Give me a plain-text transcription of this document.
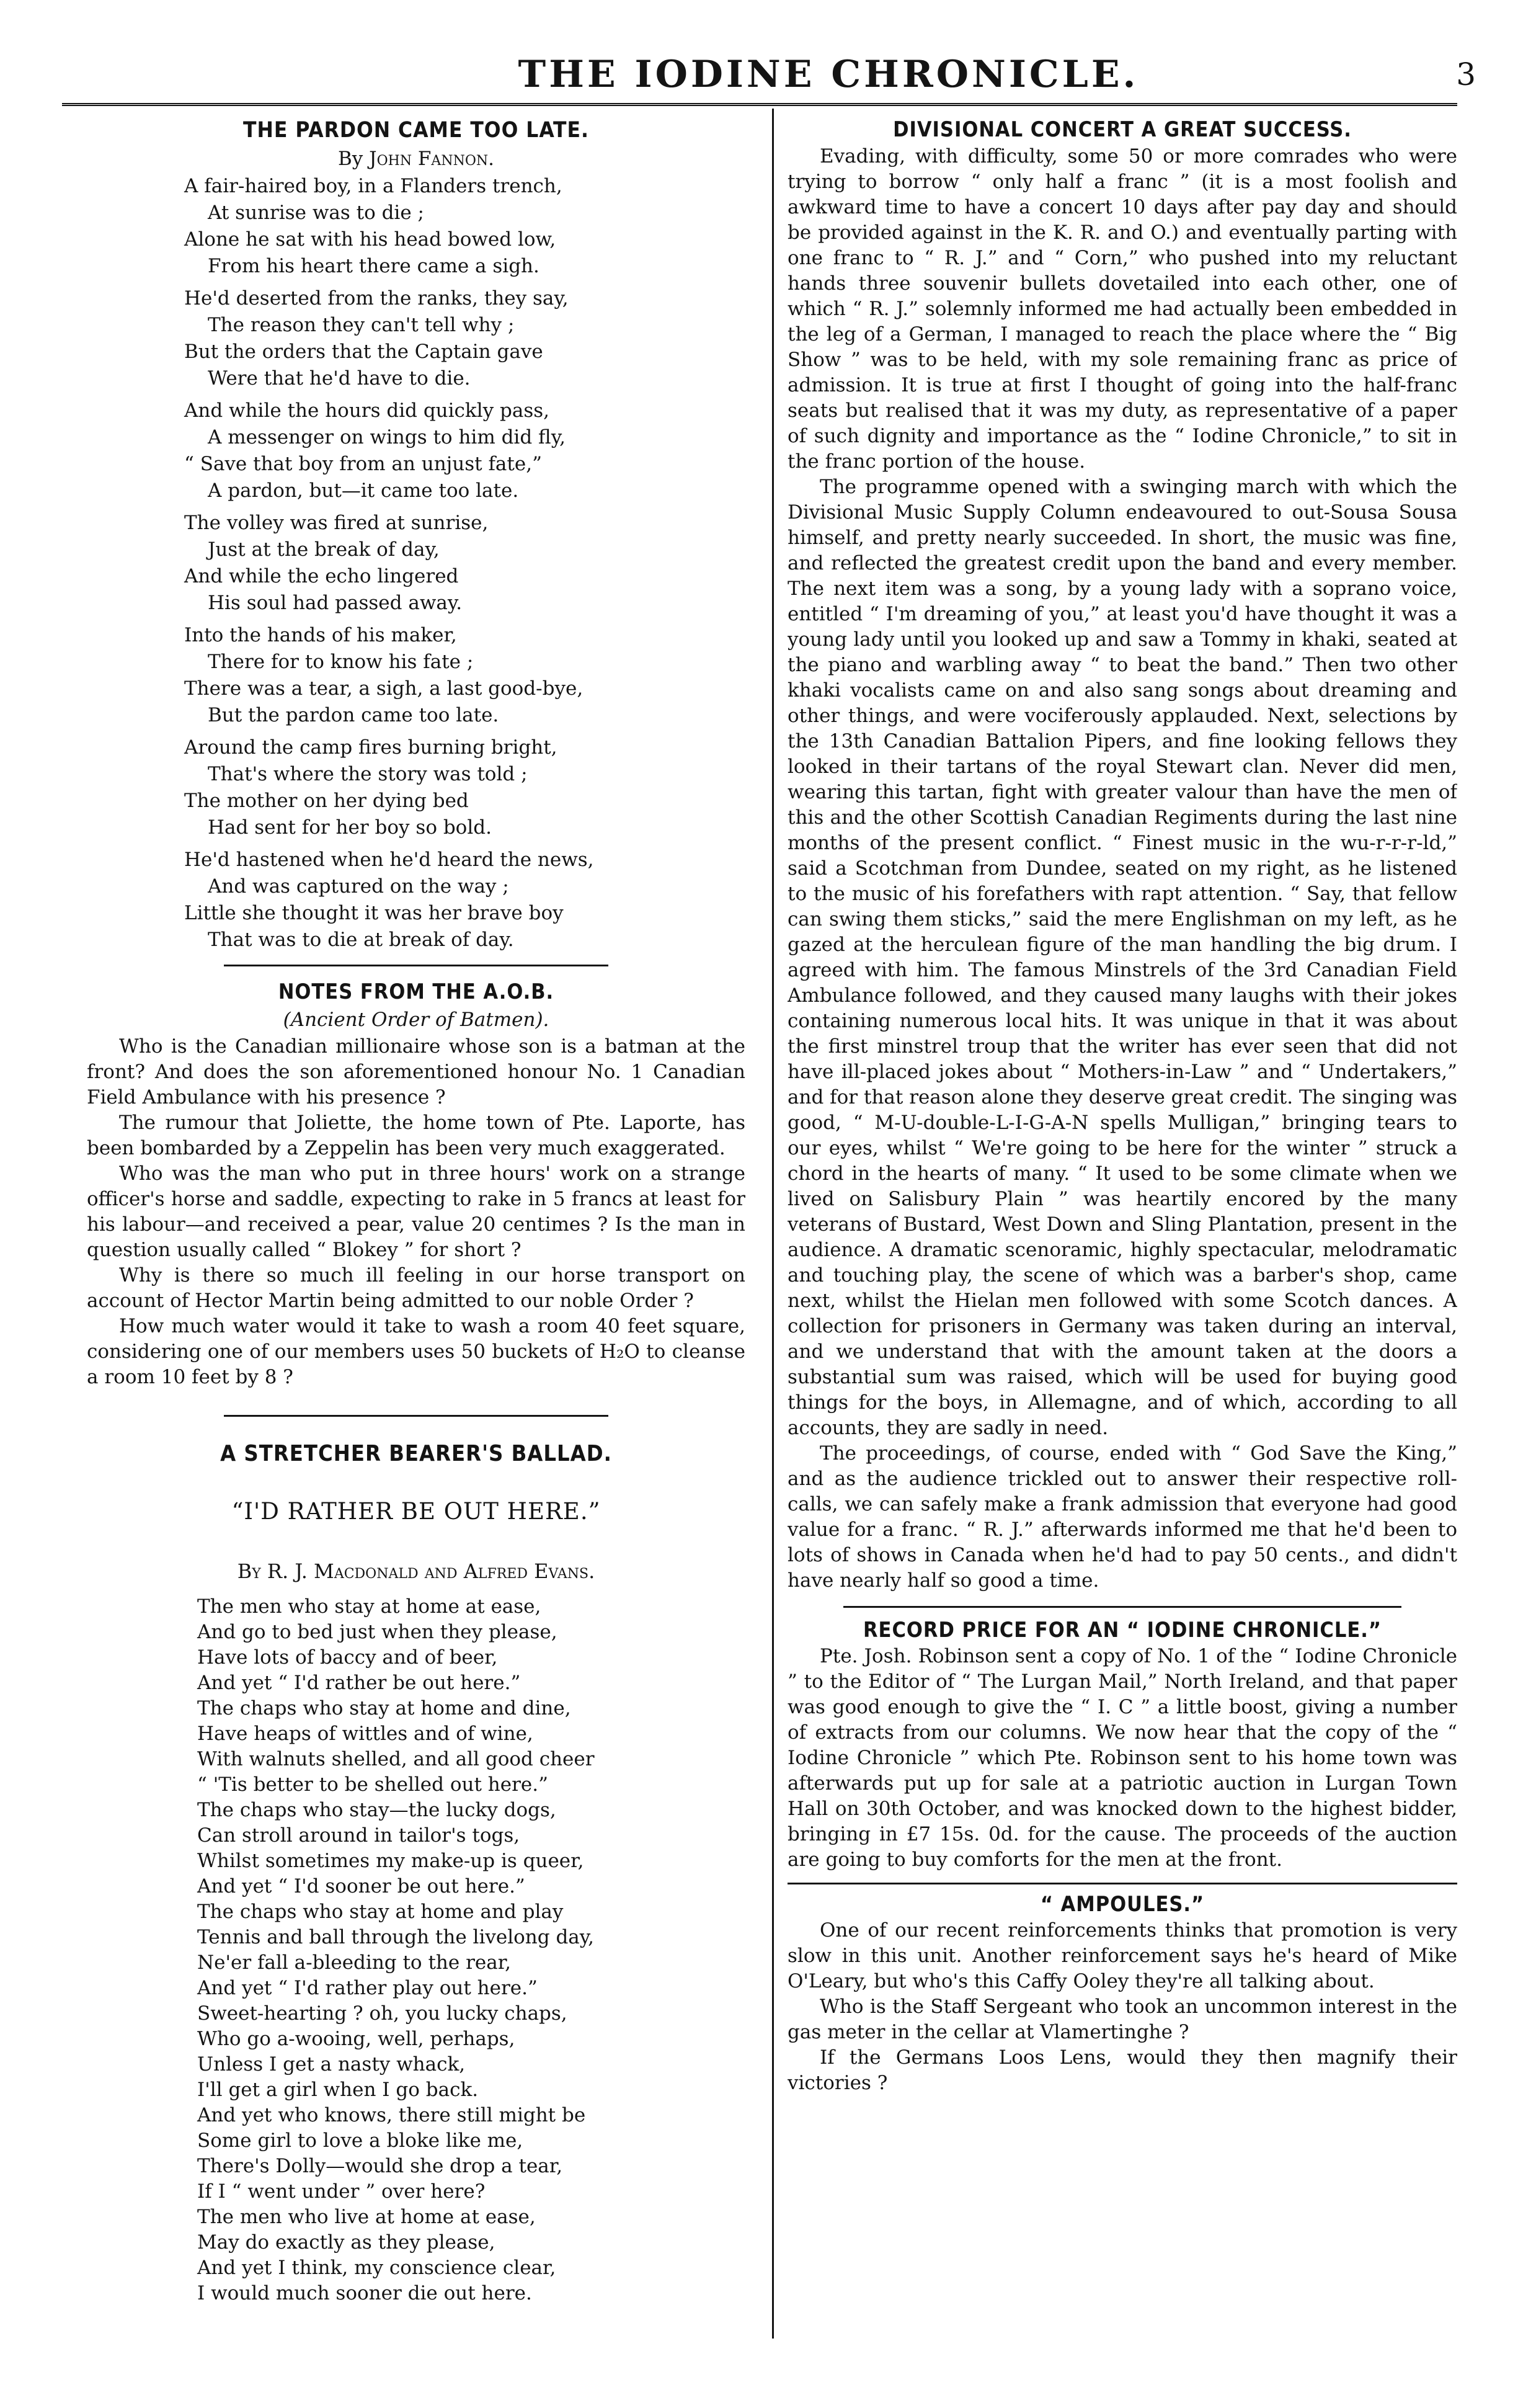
THE IODINE CHRONICLE.	3
THE PARDON CAME TOO LATE.

By John Fannon.

A fair-haired boy, in a Flanders trench,

At sunrise was to die ;

Alone he sat with his head bowed low,

From his heart there came a sigh.

He'd deserted from the ranks, they say,

The reason they can't tell why ;

But the orders that the Captain gave

Were that he'd have to die.

And while the hours did quickly pass,

A messenger on wings to him did fly,

“ Save that boy from an unjust fate,”

A pardon, but—it came too late.

The volley was fired at sunrise,

Just at the break of day,

And while the echo lingered

His soul had passed away.

Into the hands of his maker,

There for to know his fate ;

There was a tear, a sigh, a last good-bye,

But the pardon came too late.

Around the camp fires burning bright,

That's where the story was told ;

The mother on her dying bed

Had sent for her boy so bold.

He'd hastened when he'd heard the news,

And was captured on the way ;

Little she thought it was her brave boy

That was to die at break of day.

NOTES FROM THE A.O.B.

(Ancient Order of Batmen).

Who is the Canadian millionaire whose son is a batman at the front? And does the son aforementioned honour No. 1 Canadian Field Ambulance with his presence ?

The rumour that Joliette, the home town of Pte. Laporte, has been bombarded by a Zeppelin has been very much exaggerated.

Who was the man who put in three hours' work on a strange officer's horse and saddle, expecting to rake in 5 francs at least for his labour—and received a pear, value 20 centimes ? Is the man in question usually called “ Blokey ” for short ?

Why is there so much ill feeling in our horse transport on account of Hector Martin being admitted to our noble Order ?

How much water would it take to wash a room 40 feet square, considering one of our members uses 50 buckets of H₂O to cleanse a room 10 feet by 8 ?

A STRETCHER BEARER'S BALLAD.

“I'D RATHER BE OUT HERE.”

By R. J. Macdonald and Alfred Evans.

The men who stay at home at ease,

And go to bed just when they please,

Have lots of baccy and of beer,

And yet “ I'd rather be out here.”

The chaps who stay at home and dine,

Have heaps of wittles and of wine,

With walnuts shelled, and all good cheer

“ 'Tis better to be shelled out here.”

The chaps who stay—the lucky dogs,

Can stroll around in tailor's togs,

Whilst sometimes my make-up is queer,

And yet “ I'd sooner be out here.”

The chaps who stay at home and play

Tennis and ball through the livelong day,

Ne'er fall a-bleeding to the rear,

And yet “ I'd rather play out here.”

Sweet-hearting ? oh, you lucky chaps,

Who go a-wooing, well, perhaps,

Unless I get a nasty whack,

I'll get a girl when I go back.

And yet who knows, there still might be

Some girl to love a bloke like me,

There's Dolly—would she drop a tear,

If I “ went under ” over here?

The men who live at home at ease,

May do exactly as they please,

And yet I think, my conscience clear,

I would much sooner die out here.

DIVISIONAL CONCERT A GREAT SUCCESS.

Evading, with difficulty, some 50 or more comrades who were trying to borrow “ only half a franc ” (it is a most foolish and awkward time to have a concert 10 days after pay day and should be provided against in the K. R. and O.) and eventually parting with one franc to “ R. J.” and “ Corn,” who pushed into my reluctant hands three souvenir bullets dovetailed into each other, one of which “ R. J.” solemnly informed me had actually been embedded in the leg of a German, I managed to reach the place where the “ Big Show ” was to be held, with my sole remaining franc as price of admission. It is true at first I thought of going into the half-franc seats but realised that it was my duty, as representative of a paper of such dignity and importance as the “ Iodine Chronicle,” to sit in the franc portion of the house.

The programme opened with a swinging march with which the Divisional Music Supply Column endeavoured to out-Sousa Sousa himself, and pretty nearly succeeded. In short, the music was fine, and reflected the greatest credit upon the band and every member. The next item was a song, by a young lady with a soprano voice, entitled “ I'm dreaming of you,” at least you'd have thought it was a young lady until you looked up and saw a Tommy in khaki, seated at the piano and warbling away “ to beat the band.” Then two other khaki vocalists came on and also sang songs about dreaming and other things, and were vociferously applauded. Next, selections by the 13th Canadian Battalion Pipers, and fine looking fellows they looked in their tartans of the royal Stewart clan. Never did men, wearing this tartan, fight with greater valour than have the men of this and the other Scottish Canadian Regiments during the last nine months of the present conflict. “ Finest music in the wu-r-r-r-ld,” said a Scotchman from Dundee, seated on my right, as he listened to the music of his forefathers with rapt attention. “ Say, that fellow can swing them sticks,” said the mere Englishman on my left, as he gazed at the herculean figure of the man handling the big drum. I agreed with him. The famous Minstrels of the 3rd Canadian Field Ambulance followed, and they caused many laughs with their jokes containing numerous local hits. It was unique in that it was about the first minstrel troup that the writer has ever seen that did not have ill-placed jokes about “ Mothers-in-Law ” and “ Undertakers,” and for that reason alone they deserve great credit. The singing was good, “ M-U-double-L-I-G-A-N spells Mulligan,” bringing tears to our eyes, whilst “ We're going to be here for the winter ” struck a chord in the hearts of many. “ It used to be some climate when we lived on Salisbury Plain ” was heartily encored by the many veterans of Bustard, West Down and Sling Plantation, present in the audience. A dramatic scenoramic, highly spectacular, melodramatic and touching play, the scene of which was a barber's shop, came next, whilst the Hielan men followed with some Scotch dances. A collection for prisoners in Germany was taken during an interval, and we understand that with the amount taken at the doors a substantial sum was raised, which will be used for buying good things for the boys, in Allemagne, and of which, according to all accounts, they are sadly in need.

The proceedings, of course, ended with “ God Save the King,” and as the audience trickled out to answer their respective roll-calls, we can safely make a frank admission that everyone had good value for a franc. “ R. J.” afterwards informed me that he'd been to lots of shows in Canada when he'd had to pay 50 cents., and didn't have nearly half so good a time.

RECORD PRICE FOR AN “ IODINE CHRONICLE.”

Pte. Josh. Robinson sent a copy of No. 1 of the “ Iodine Chronicle ” to the Editor of “ The Lurgan Mail,” North Ireland, and that paper was good enough to give the “ I. C ” a little boost, giving a number of extracts from our columns. We now hear that the copy of the “ Iodine Chronicle ” which Pte. Robinson sent to his home town was afterwards put up for sale at a patriotic auction in Lurgan Town Hall on 30th October, and was knocked down to the highest bidder, bringing in £7 15s. 0d. for the cause. The proceeds of the auction are going to buy comforts for the men at the front.

“ AMPOULES.”

One of our recent reinforcements thinks that promotion is very slow in this unit. Another reinforcement says he's heard of Mike O'Leary, but who's this Caffy Ooley they're all talking about.

Who is the Staff Sergeant who took an uncommon interest in the gas meter in the cellar at Vlamertinghe ?

If the Germans Loos Lens, would they then magnify their victories ?
